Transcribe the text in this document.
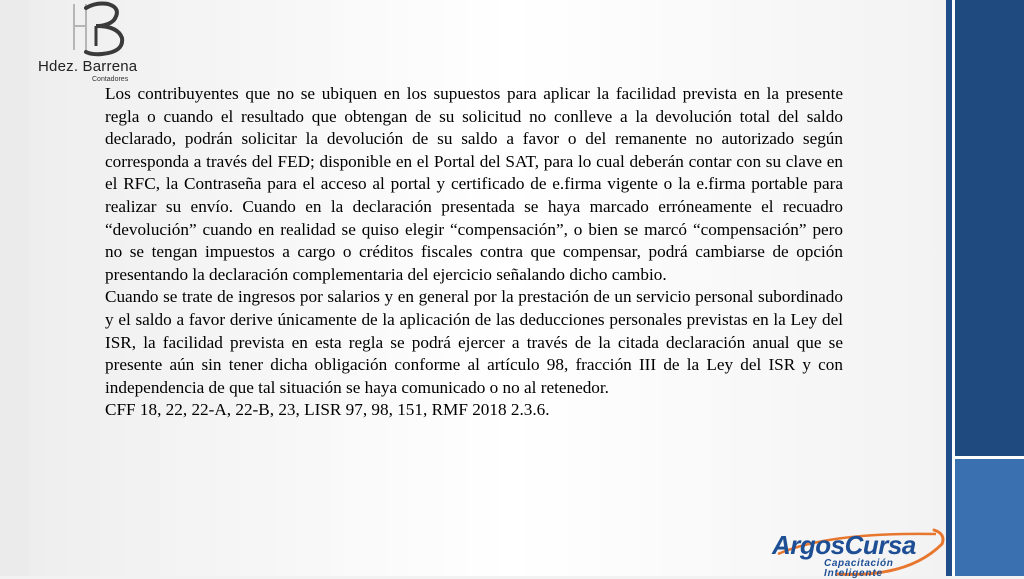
Hdez. Barrena
Contadores

Los contribuyentes que no se ubiquen en los supuestos para aplicar la facilidad prevista en la presente regla o cuando el resultado que obtengan de su solicitud no conlleve a la devolución total del saldo declarado, podrán solicitar la devolución de su saldo a favor o del remanente no autorizado según corresponda a través del FED; disponible en el Portal del SAT, para lo cual deberán contar con su clave en el RFC, la Contraseña para el acceso al portal y certificado de e.firma vigente o la e.firma portable para realizar su envío. Cuando en la declaración presentada se haya marcado erróneamente el recuadro “devolución” cuando en realidad se quiso elegir “compensación”, o bien se marcó “compensación” pero no se tengan impuestos a cargo o créditos fiscales contra que compensar, podrá cambiarse de opción presentando la declaración complementaria del ejercicio señalando dicho cambio.

Cuando se trate de ingresos por salarios y en general por la prestación de un servicio personal subordinado y el saldo a favor derive únicamente de la aplicación de las deducciones personales previstas en la Ley del ISR, la facilidad prevista en esta regla se podrá ejercer a través de la citada declaración anual que se presente aún sin tener dicha obligación conforme al artículo 98, fracción III de la Ley del ISR y con independencia de que tal situación se haya comunicado o no al retenedor.

CFF 18, 22, 22-A, 22-B, 23, LISR 97, 98, 151, RMF 2018 2.3.6.

ArgosCursa
Capacitación
Inteligente
